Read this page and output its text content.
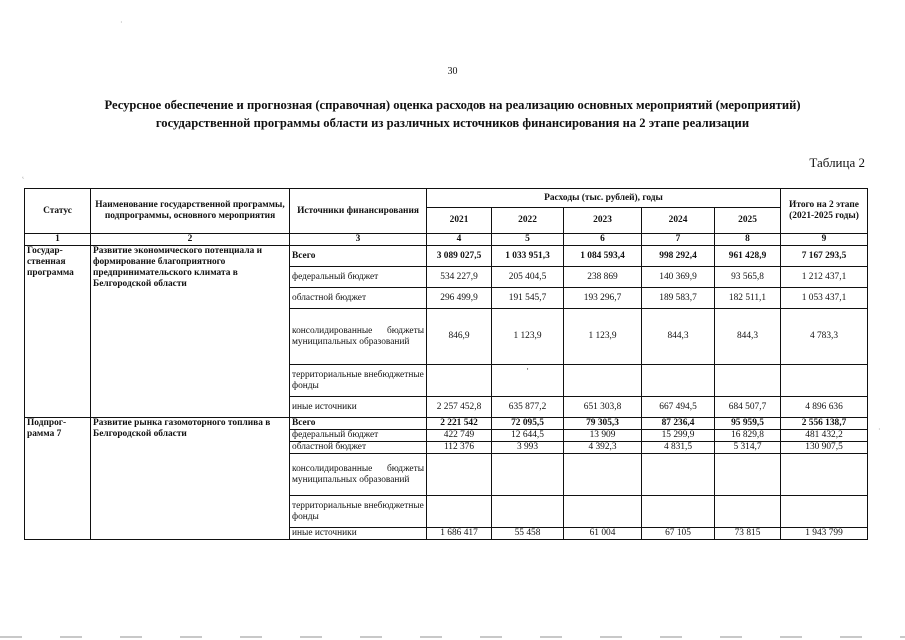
30
Ресурсное обеспечение и прогнозная (справочная) оценка расходов на реализацию основных мероприятий (мероприятий)
государственной программы области из различных источников финансирования на 2 этапе реализации
Таблица 2
·
˛
·
Статус	Наименование государственной программы, подпрограммы, основного мероприятия	Источники финансирования	Расходы (тыс. рублей), годы					Итого на 2 этапе (2021-2025 годы)
			2021	2022	2023	2024	2025	
1	2	3	4	5	6	7	8	9
Государ-ственная программа	Развитие экономического потенциала и формирование благоприятного предпринимательского климата в Белгородской области	Всего	3 089 027,5	1 033 951,3	1 084 593,4	998 292,4	961 428,9	7 167 293,5
		федеральный бюджет	534 227,9	205 404,5	238 869	140 369,9	93 565,8	1 212 437,1
		областной бюджет	296 499,9	191 545,7	193 296,7	189 583,7	182 511,1	1 053 437,1
		консолидированные бюджеты муниципальных образований	846,9	1 123,9	1 123,9	844,3	844,3	4 783,3
		территориальные внебюджетные фонды		·				
		иные источники	2 257 452,8	635 877,2	651 303,8	667 494,5	684 507,7	4 896 636
Подпрог-рамма 7	Развитие рынка газомоторного топлива в Белгородской области	Всего	2 221 542	72 095,5	79 305,3	87 236,4	95 959,5	2 556 138,7
		федеральный бюджет	422 749	12 644,5	13 909	15 299,9	16 829,8	481 432,2
		областной бюджет	112 376	3 993	4 392,3	4 831,5	5 314,7	130 907,5
		консолидированные бюджеты муниципальных образований						
		территориальные внебюджетные фонды						
		иные источники	1 686 417	55 458	61 004	67 105	73 815	1 943 799
